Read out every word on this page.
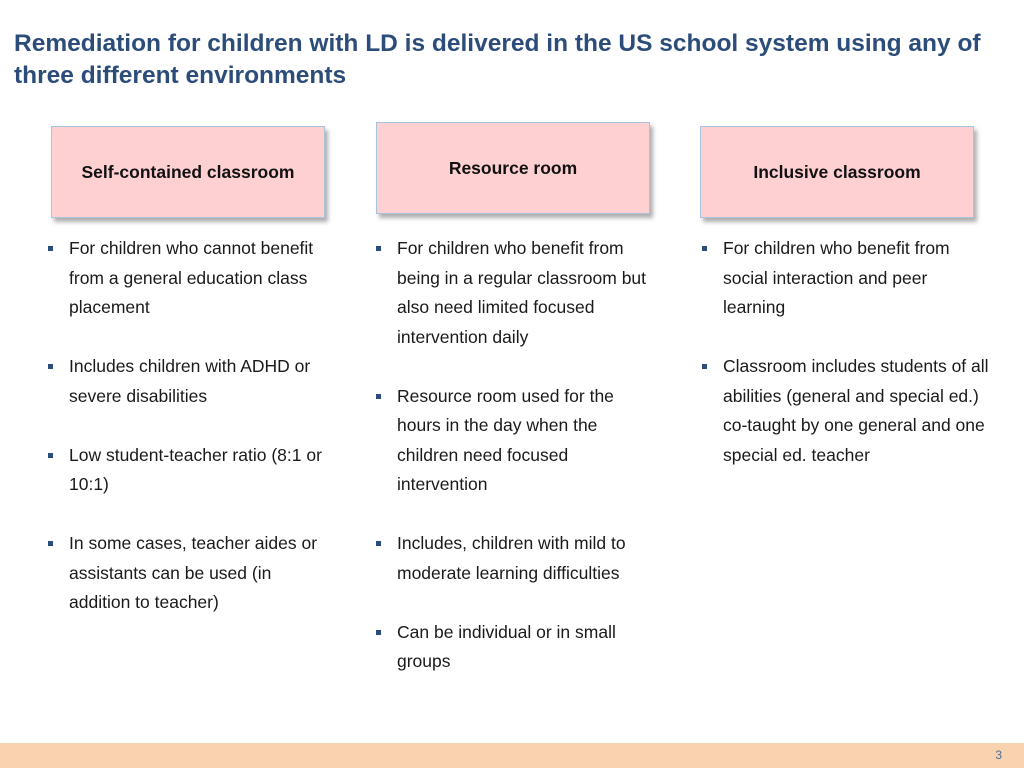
Remediation for children with LD is delivered in the US school system using any of three different environments
Self-contained classroom
For children who cannot benefit from a general education class placement
Includes children with ADHD or severe disabilities
Low student-teacher ratio (8:1 or 10:1)
In some cases, teacher aides or assistants can be used (in addition to teacher)
Resource room
For children who benefit from being in a regular classroom but also need limited focused intervention daily
Resource room used for the hours in the day when the children need focused intervention
Includes, children with mild to moderate learning difficulties
Can be individual or in small groups
Inclusive classroom
For children who benefit from social interaction and peer learning
Classroom includes students of all abilities (general and special ed.) co-taught by one general and one special ed. teacher
3
